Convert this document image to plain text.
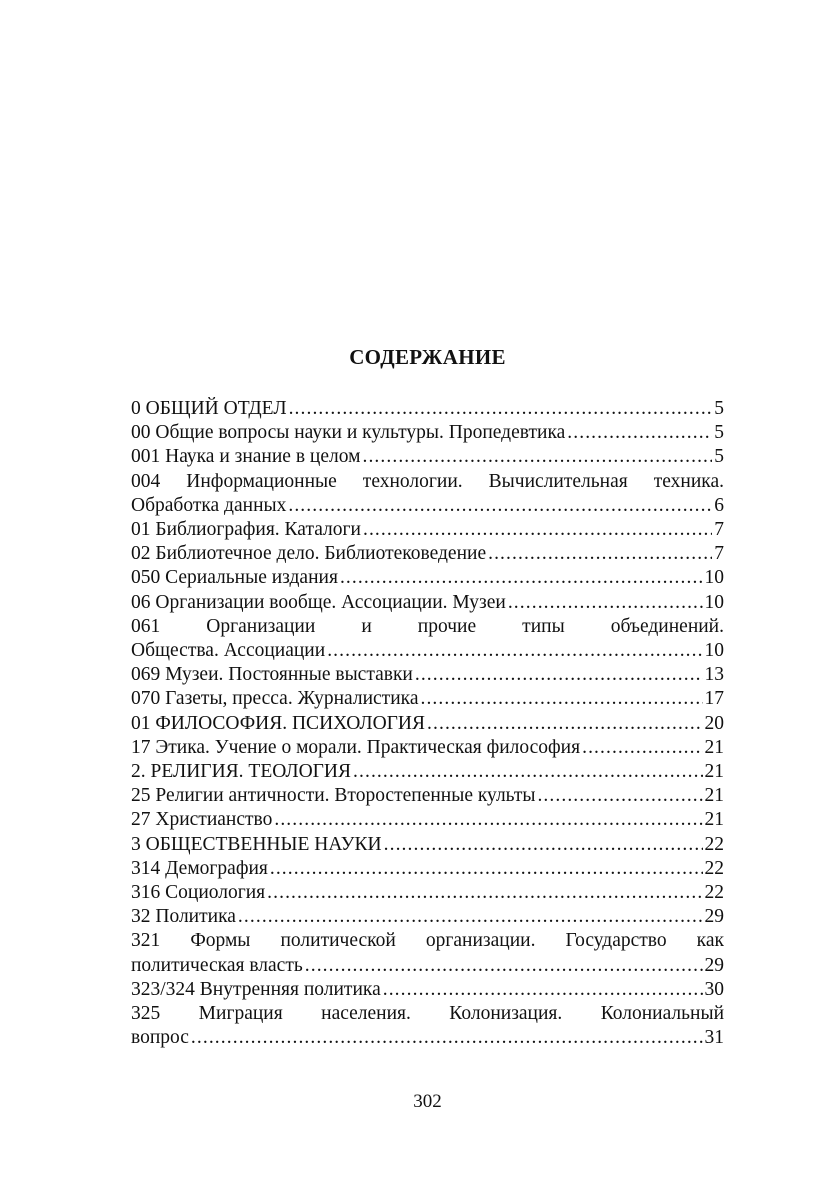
СОДЕРЖАНИЕ
0 ОБЩИЙ ОТДЕЛ .....	5
00 Общие вопросы науки и культуры. Пропедевтика .....	5
001 Наука и знание в целом .....	5
004 Информационные технологии. Вычислительная техника.
Обработка данных .....	6
01 Библиография. Каталоги .....	7
02 Библиотечное дело. Библиотековедение .....	7
050 Сериальные издания .....	10
06 Организации вообще. Ассоциации. Музеи .....	10
061 Организации и прочие типы объединений.
Общества. Ассоциации .....	10
069 Музеи. Постоянные выставки .....	13
070 Газеты, пресса. Журналистика .....	17
01 ФИЛОСОФИЯ. ПСИХОЛОГИЯ .....	20
17 Этика. Учение о морали. Практическая философия .....	21
2. РЕЛИГИЯ. ТЕОЛОГИЯ .....	21
25 Религии античности. Второстепенные культы .....	21
27 Христианство .....	21
3 ОБЩЕСТВЕННЫЕ НАУКИ .....	22
314 Демография .....	22
316 Социология .....	22
32 Политика .....	29
321 Формы политической организации. Государство как
политическая власть .....	29
323/324 Внутренняя политика .....	30
325 Миграция населения. Колонизация. Колониальный
вопрос .....	31
302
